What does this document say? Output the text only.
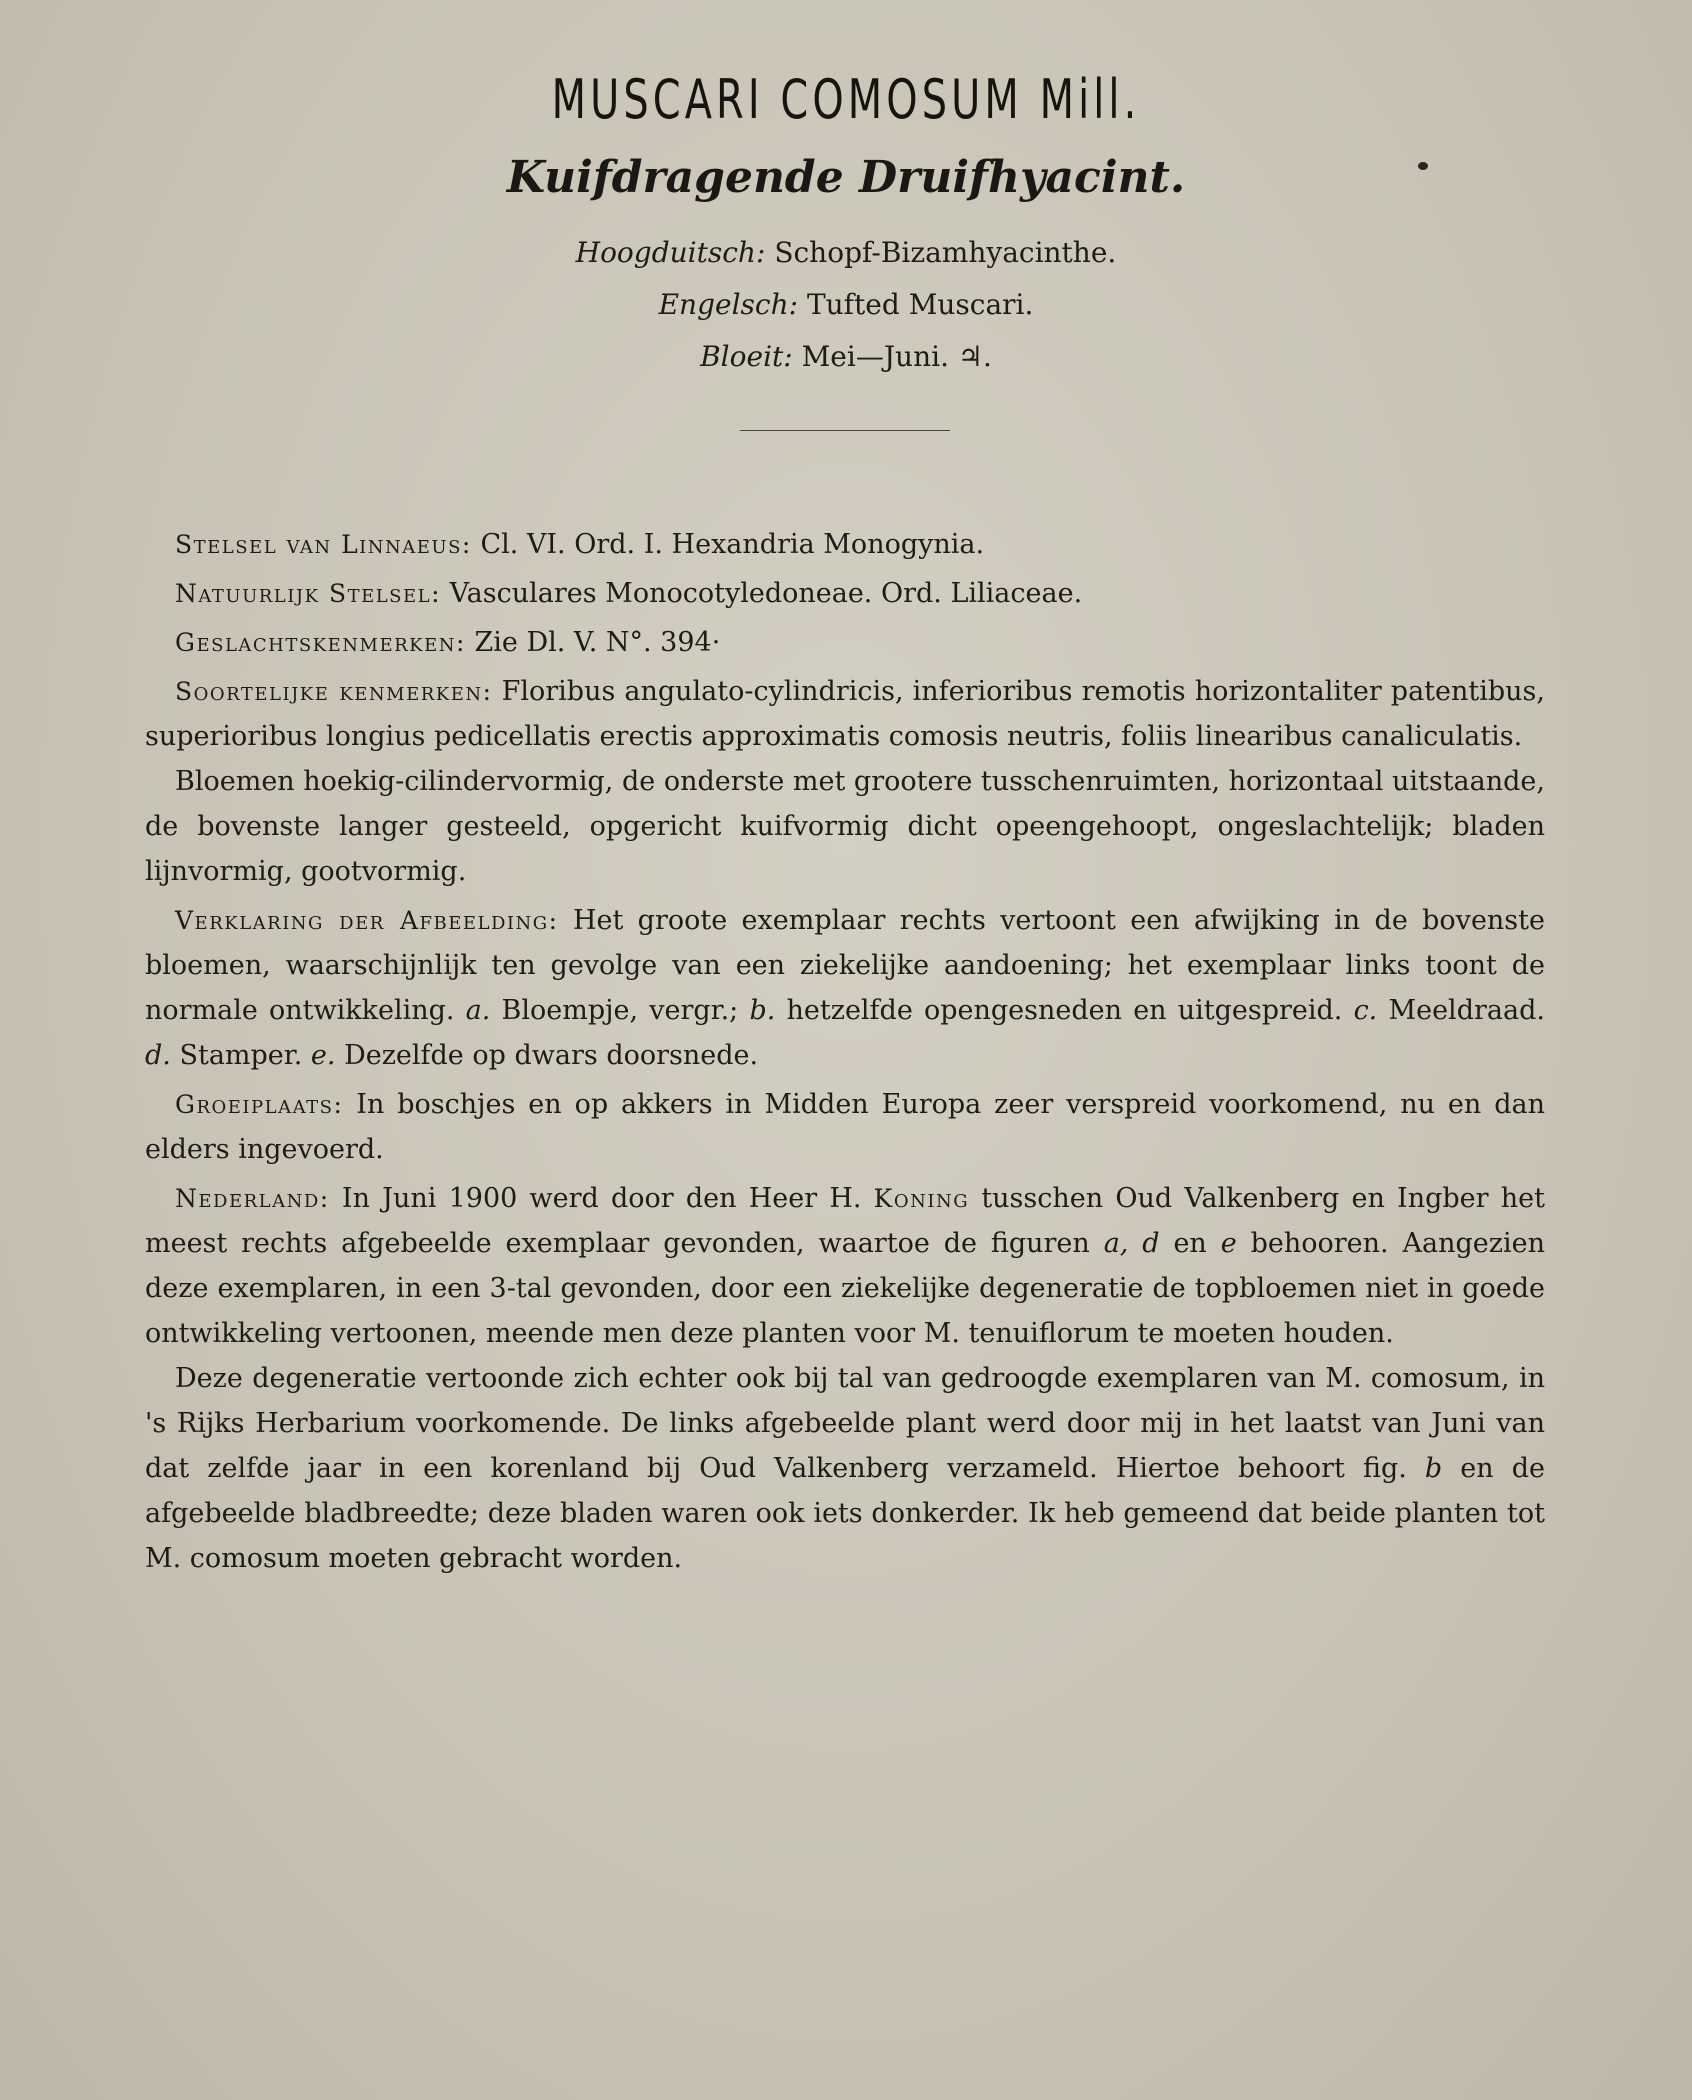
MUSCARI COMOSUM Mill.
Kuifdragende Druifhyacint.
Hoogduitsch: Schopf-Bizamhyacinthe.
Engelsch: Tufted Muscari.
Bloeit: Mei—Juni. ♃.

Stelsel van Linnaeus: Cl. VI. Ord. I. Hexandria Monogynia.

Natuurlijk Stelsel: Vasculares Monocotyledoneae. Ord. Liliaceae.

Geslachtskenmerken: Zie Dl. V. N°. 394·

Soortelijke kenmerken: Floribus angulato-cylindricis, inferioribus remotis horizontaliter patentibus, superioribus longius pedicellatis erectis approximatis comosis neutris, foliis linearibus canaliculatis.

Bloemen hoekig-cilindervormig, de onderste met grootere tusschenruimten, horizontaal uitstaande, de bovenste langer gesteeld, opgericht kuifvormig dicht opeengehoopt, ongeslachtelijk; bladen lijnvormig, gootvormig.

Verklaring der Afbeelding: Het groote exemplaar rechts vertoont een afwijking in de bovenste bloemen, waarschijnlijk ten gevolge van een ziekelijke aandoening; het exemplaar links toont de normale ontwikkeling. a. Bloempje, vergr.; b. hetzelfde opengesneden en uitgespreid. c. Meeldraad. d. Stamper. e. Dezelfde op dwars doorsnede.

Groeiplaats: In boschjes en op akkers in Midden Europa zeer verspreid voorkomend, nu en dan elders ingevoerd.

Nederland: In Juni 1900 werd door den Heer H. Koning tusschen Oud Valkenberg en Ingber het meest rechts afgebeelde exemplaar gevonden, waartoe de figuren a, d en e behooren. Aangezien deze exemplaren, in een 3-tal gevonden, door een ziekelijke degeneratie de topbloemen niet in goede ontwikkeling vertoonen, meende men deze planten voor M. tenuiflorum te moeten houden.

Deze degeneratie vertoonde zich echter ook bij tal van gedroogde exemplaren van M. comosum, in 's Rijks Herbarium voorkomende. De links afgebeelde plant werd door mij in het laatst van Juni van dat zelfde jaar in een korenland bij Oud Valkenberg verzameld. Hiertoe behoort fig. b en de afgebeelde bladbreedte; deze bladen waren ook iets donkerder. Ik heb gemeend dat beide planten tot M. comosum moeten gebracht worden.
